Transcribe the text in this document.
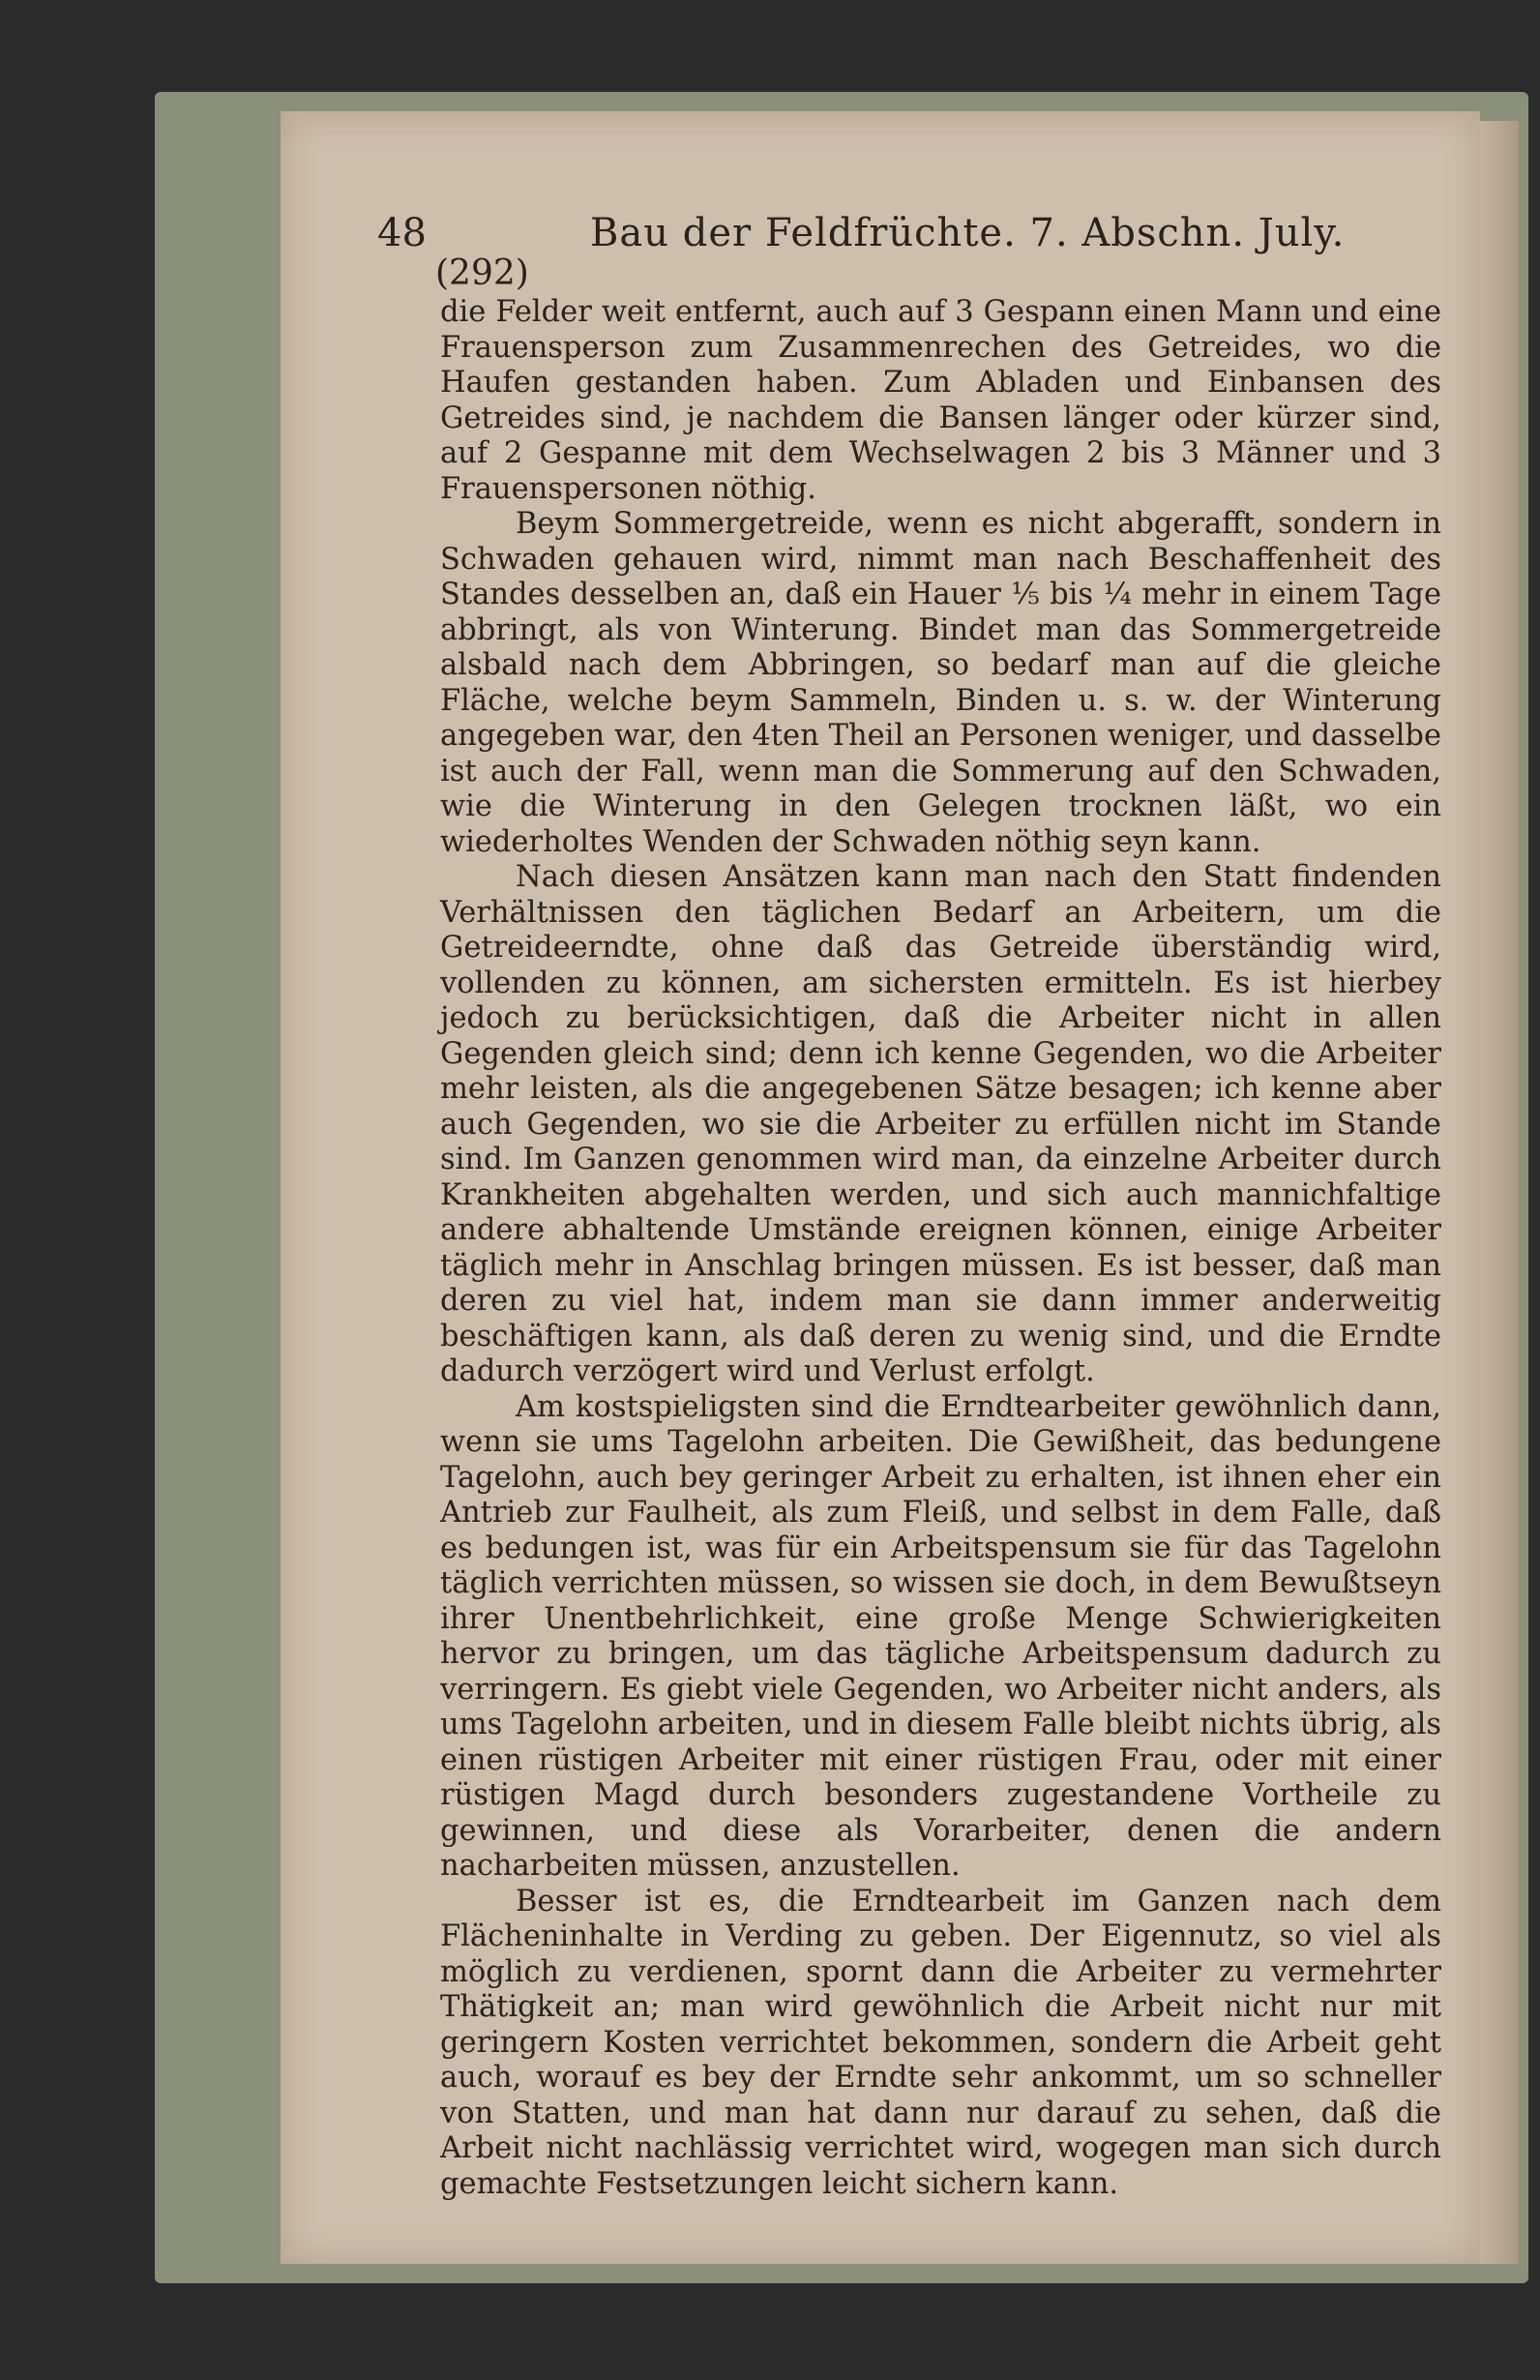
48	Bau der Feldfrüchte. 7. Abschn. July.
(292)

die Felder weit entfernt, auch auf 3 Gespann einen Mann und eine Frauensperson zum Zusammenrechen des Getreides, wo die Haufen gestanden haben. Zum Abladen und Einbansen des Getreides sind, je nachdem die Bansen länger oder kürzer sind, auf 2 Gespanne mit dem Wechselwagen 2 bis 3 Männer und 3 Frauenspersonen nöthig.

Beym Sommergetreide, wenn es nicht abgerafft, sondern in Schwaden gehauen wird, nimmt man nach Beschaffenheit des Standes desselben an, daß ein Hauer ⅕ bis ¼ mehr in einem Tage abbringt, als von Winterung. Bindet man das Sommergetreide alsbald nach dem Abbringen, so bedarf man auf die gleiche Fläche, welche beym Sammeln, Binden u. s. w. der Winterung angegeben war, den 4ten Theil an Personen weniger, und dasselbe ist auch der Fall, wenn man die Sommerung auf den Schwaden, wie die Winterung in den Gelegen trocknen läßt, wo ein wiederholtes Wenden der Schwaden nöthig seyn kann.

Nach diesen Ansätzen kann man nach den Statt findenden Verhältnissen den täglichen Bedarf an Arbeitern, um die Getreideerndte, ohne daß das Getreide überständig wird, vollenden zu können, am sichersten ermitteln. Es ist hierbey jedoch zu berücksichtigen, daß die Arbeiter nicht in allen Gegenden gleich sind; denn ich kenne Gegenden, wo die Arbeiter mehr leisten, als die angegebenen Sätze besagen; ich kenne aber auch Gegenden, wo sie die Arbeiter zu erfüllen nicht im Stande sind. Im Ganzen genommen wird man, da einzelne Arbeiter durch Krankheiten abgehalten werden, und sich auch mannichfaltige andere abhaltende Umstände ereignen können, einige Arbeiter täglich mehr in Anschlag bringen müssen. Es ist besser, daß man deren zu viel hat, indem man sie dann immer anderweitig beschäftigen kann, als daß deren zu wenig sind, und die Erndte dadurch verzögert wird und Verlust erfolgt.

Am kostspieligsten sind die Erndtearbeiter gewöhnlich dann, wenn sie ums Tagelohn arbeiten. Die Gewißheit, das bedungene Tagelohn, auch bey geringer Arbeit zu erhalten, ist ihnen eher ein Antrieb zur Faulheit, als zum Fleiß, und selbst in dem Falle, daß es bedungen ist, was für ein Arbeitspensum sie für das Tagelohn täglich verrichten müssen, so wissen sie doch, in dem Bewußtseyn ihrer Unentbehrlichkeit, eine große Menge Schwierigkeiten hervor zu bringen, um das tägliche Arbeitspensum dadurch zu verringern. Es giebt viele Gegenden, wo Arbeiter nicht anders, als ums Tagelohn arbeiten, und in diesem Falle bleibt nichts übrig, als einen rüstigen Arbeiter mit einer rüstigen Frau, oder mit einer rüstigen Magd durch besonders zugestandene Vortheile zu gewinnen, und diese als Vorarbeiter, denen die andern nacharbeiten müssen, anzustellen.

Besser ist es, die Erndtearbeit im Ganzen nach dem Flächeninhalte in Verding zu geben. Der Eigennutz, so viel als möglich zu verdienen, spornt dann die Arbeiter zu vermehrter Thätigkeit an; man wird gewöhnlich die Arbeit nicht nur mit geringern Kosten verrichtet bekommen, sondern die Arbeit geht auch, worauf es bey der Erndte sehr ankommt, um so schneller von Statten, und man hat dann nur darauf zu sehen, daß die Arbeit nicht nachlässig verrichtet wird, wogegen man sich durch gemachte Festsetzungen leicht sichern kann.
